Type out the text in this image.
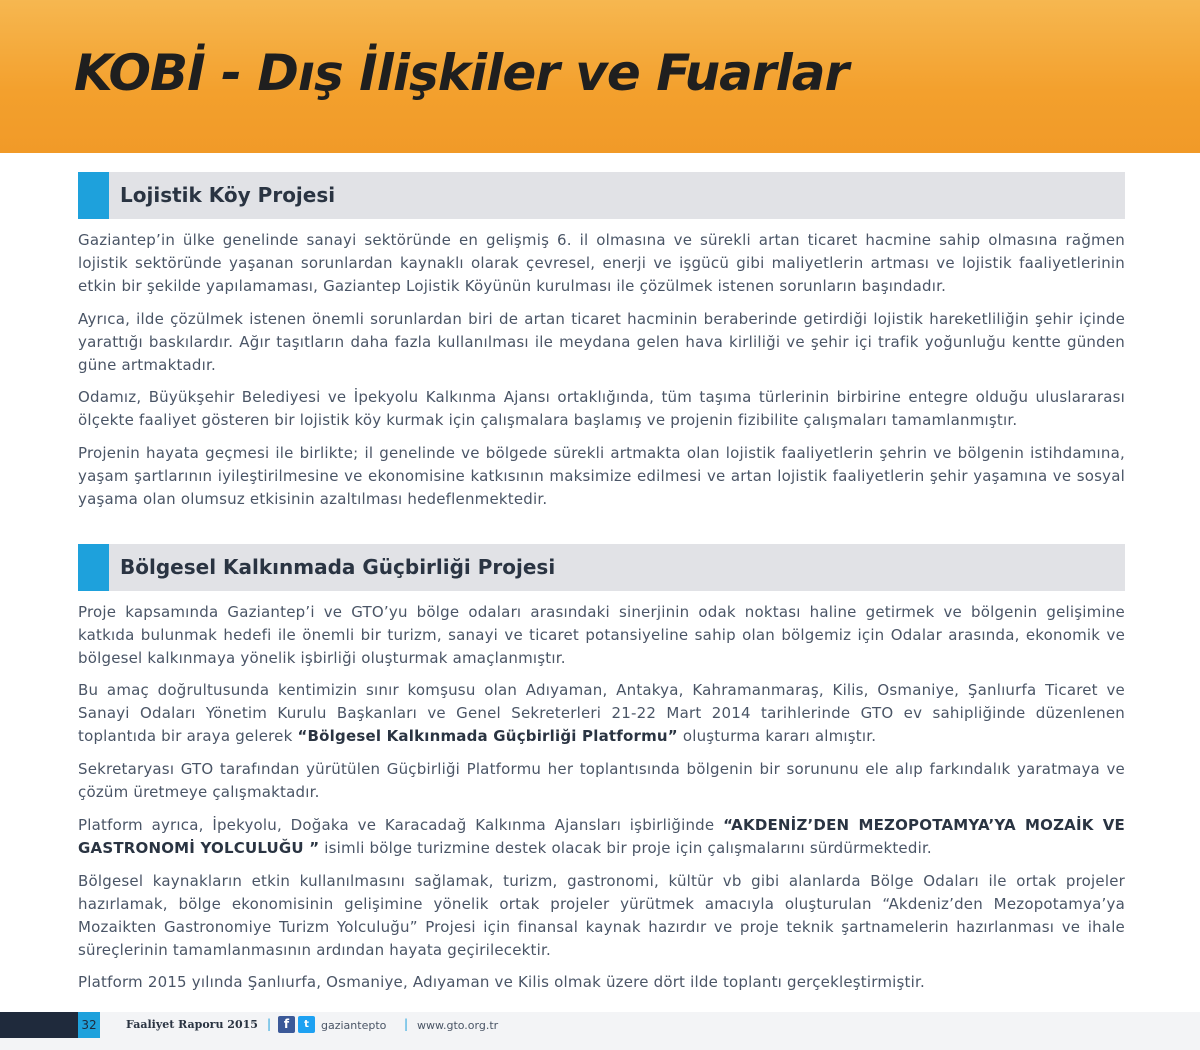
KOBİ - Dış İlişkiler ve Fuarlar
Lojistik Köy Projesi

Gaziantep’in ülke genelinde sanayi sektöründe en gelişmiş 6. il olmasına ve sürekli artan ticaret hacmine sahip olmasına rağmen lojistik sektöründe yaşanan sorunlardan kaynaklı olarak çevresel, enerji ve işgücü gibi maliyetlerin artması ve lojistik faaliyetlerinin etkin bir şekilde yapılamaması, Gaziantep Lojistik Köyünün kurulması ile çözülmek istenen sorunların başındadır.

Ayrıca, ilde çözülmek istenen önemli sorunlardan biri de artan ticaret hacminin beraberinde getirdiği lojistik hareketliliğin şehir içinde yarattığı baskılardır. Ağır taşıtların daha fazla kullanılması ile meydana gelen hava kirliliği ve şehir içi trafik yoğunluğu kentte günden güne artmaktadır.

Odamız, Büyükşehir Belediyesi ve İpekyolu Kalkınma Ajansı ortaklığında, tüm taşıma türlerinin birbirine entegre olduğu uluslararası ölçekte faaliyet gösteren bir lojistik köy kurmak için çalışmalara başlamış ve projenin fizibilite çalışmaları tamamlanmıştır.

Projenin hayata geçmesi ile birlikte; il genelinde ve bölgede sürekli artmakta olan lojistik faaliyetlerin şehrin ve bölgenin istihdamına, yaşam şartlarının iyileştirilmesine ve ekonomisine katkısının maksimize edilmesi ve artan lojistik faaliyetlerin şehir yaşamına ve sosyal yaşama olan olumsuz etkisinin azaltılması hedeflenmektedir.

Bölgesel Kalkınmada Güçbirliği Projesi

Proje kapsamında Gaziantep’i ve GTO’yu bölge odaları arasındaki sinerjinin odak noktası haline getirmek ve bölgenin gelişimine katkıda bulunmak hedefi ile önemli bir turizm, sanayi ve ticaret potansiyeline sahip olan bölgemiz için Odalar arasında, ekonomik ve bölgesel kalkınmaya yönelik işbirliği oluşturmak amaçlanmıştır.

Bu amaç doğrultusunda kentimizin sınır komşusu olan Adıyaman, Antakya, Kahramanmaraş, Kilis, Osmaniye, Şanlıurfa Ticaret ve Sanayi Odaları Yönetim Kurulu Başkanları ve Genel Sekreterleri 21-22 Mart 2014 tarihlerinde GTO ev sahipliğinde düzenlenen toplantıda bir araya gelerek “Bölgesel Kalkınmada Güçbirliği Platformu” oluşturma kararı almıştır.

Sekretaryası GTO tarafından yürütülen Güçbirliği Platformu her toplantısında bölgenin bir sorununu ele alıp farkındalık yaratmaya ve çözüm üretmeye çalışmaktadır.

Platform ayrıca, İpekyolu, Doğaka ve Karacadağ Kalkınma Ajansları işbirliğinde “AKDENİZ’DEN MEZOPOTAMYA’YA MOZAİK VE GASTRONOMİ YOLCULUĞU ” isimli bölge turizmine destek olacak bir proje için çalışmalarını sürdürmektedir.

Bölgesel kaynakların etkin kullanılmasını sağlamak, turizm, gastronomi, kültür vb gibi alanlarda Bölge Odaları ile ortak projeler hazırlamak, bölge ekonomisinin gelişimine yönelik ortak projeler yürütmek amacıyla oluşturulan “Akdeniz’den Mezopotamya’ya Mozaikten Gastronomiye Turizm Yolculuğu” Projesi için finansal kaynak hazırdır ve proje teknik şartnamelerin hazırlanması ve ihale süreçlerinin tamamlanmasının ardından hayata geçirilecektir.

Platform 2015 yılında Şanlıurfa, Osmaniye, Adıyaman ve Kilis olmak üzere dört ilde toplantı gerçekleştirmiştir.

32	Faaliyet Raporu 2015 |	f	t	gaziantepto | www.gto.org.tr
